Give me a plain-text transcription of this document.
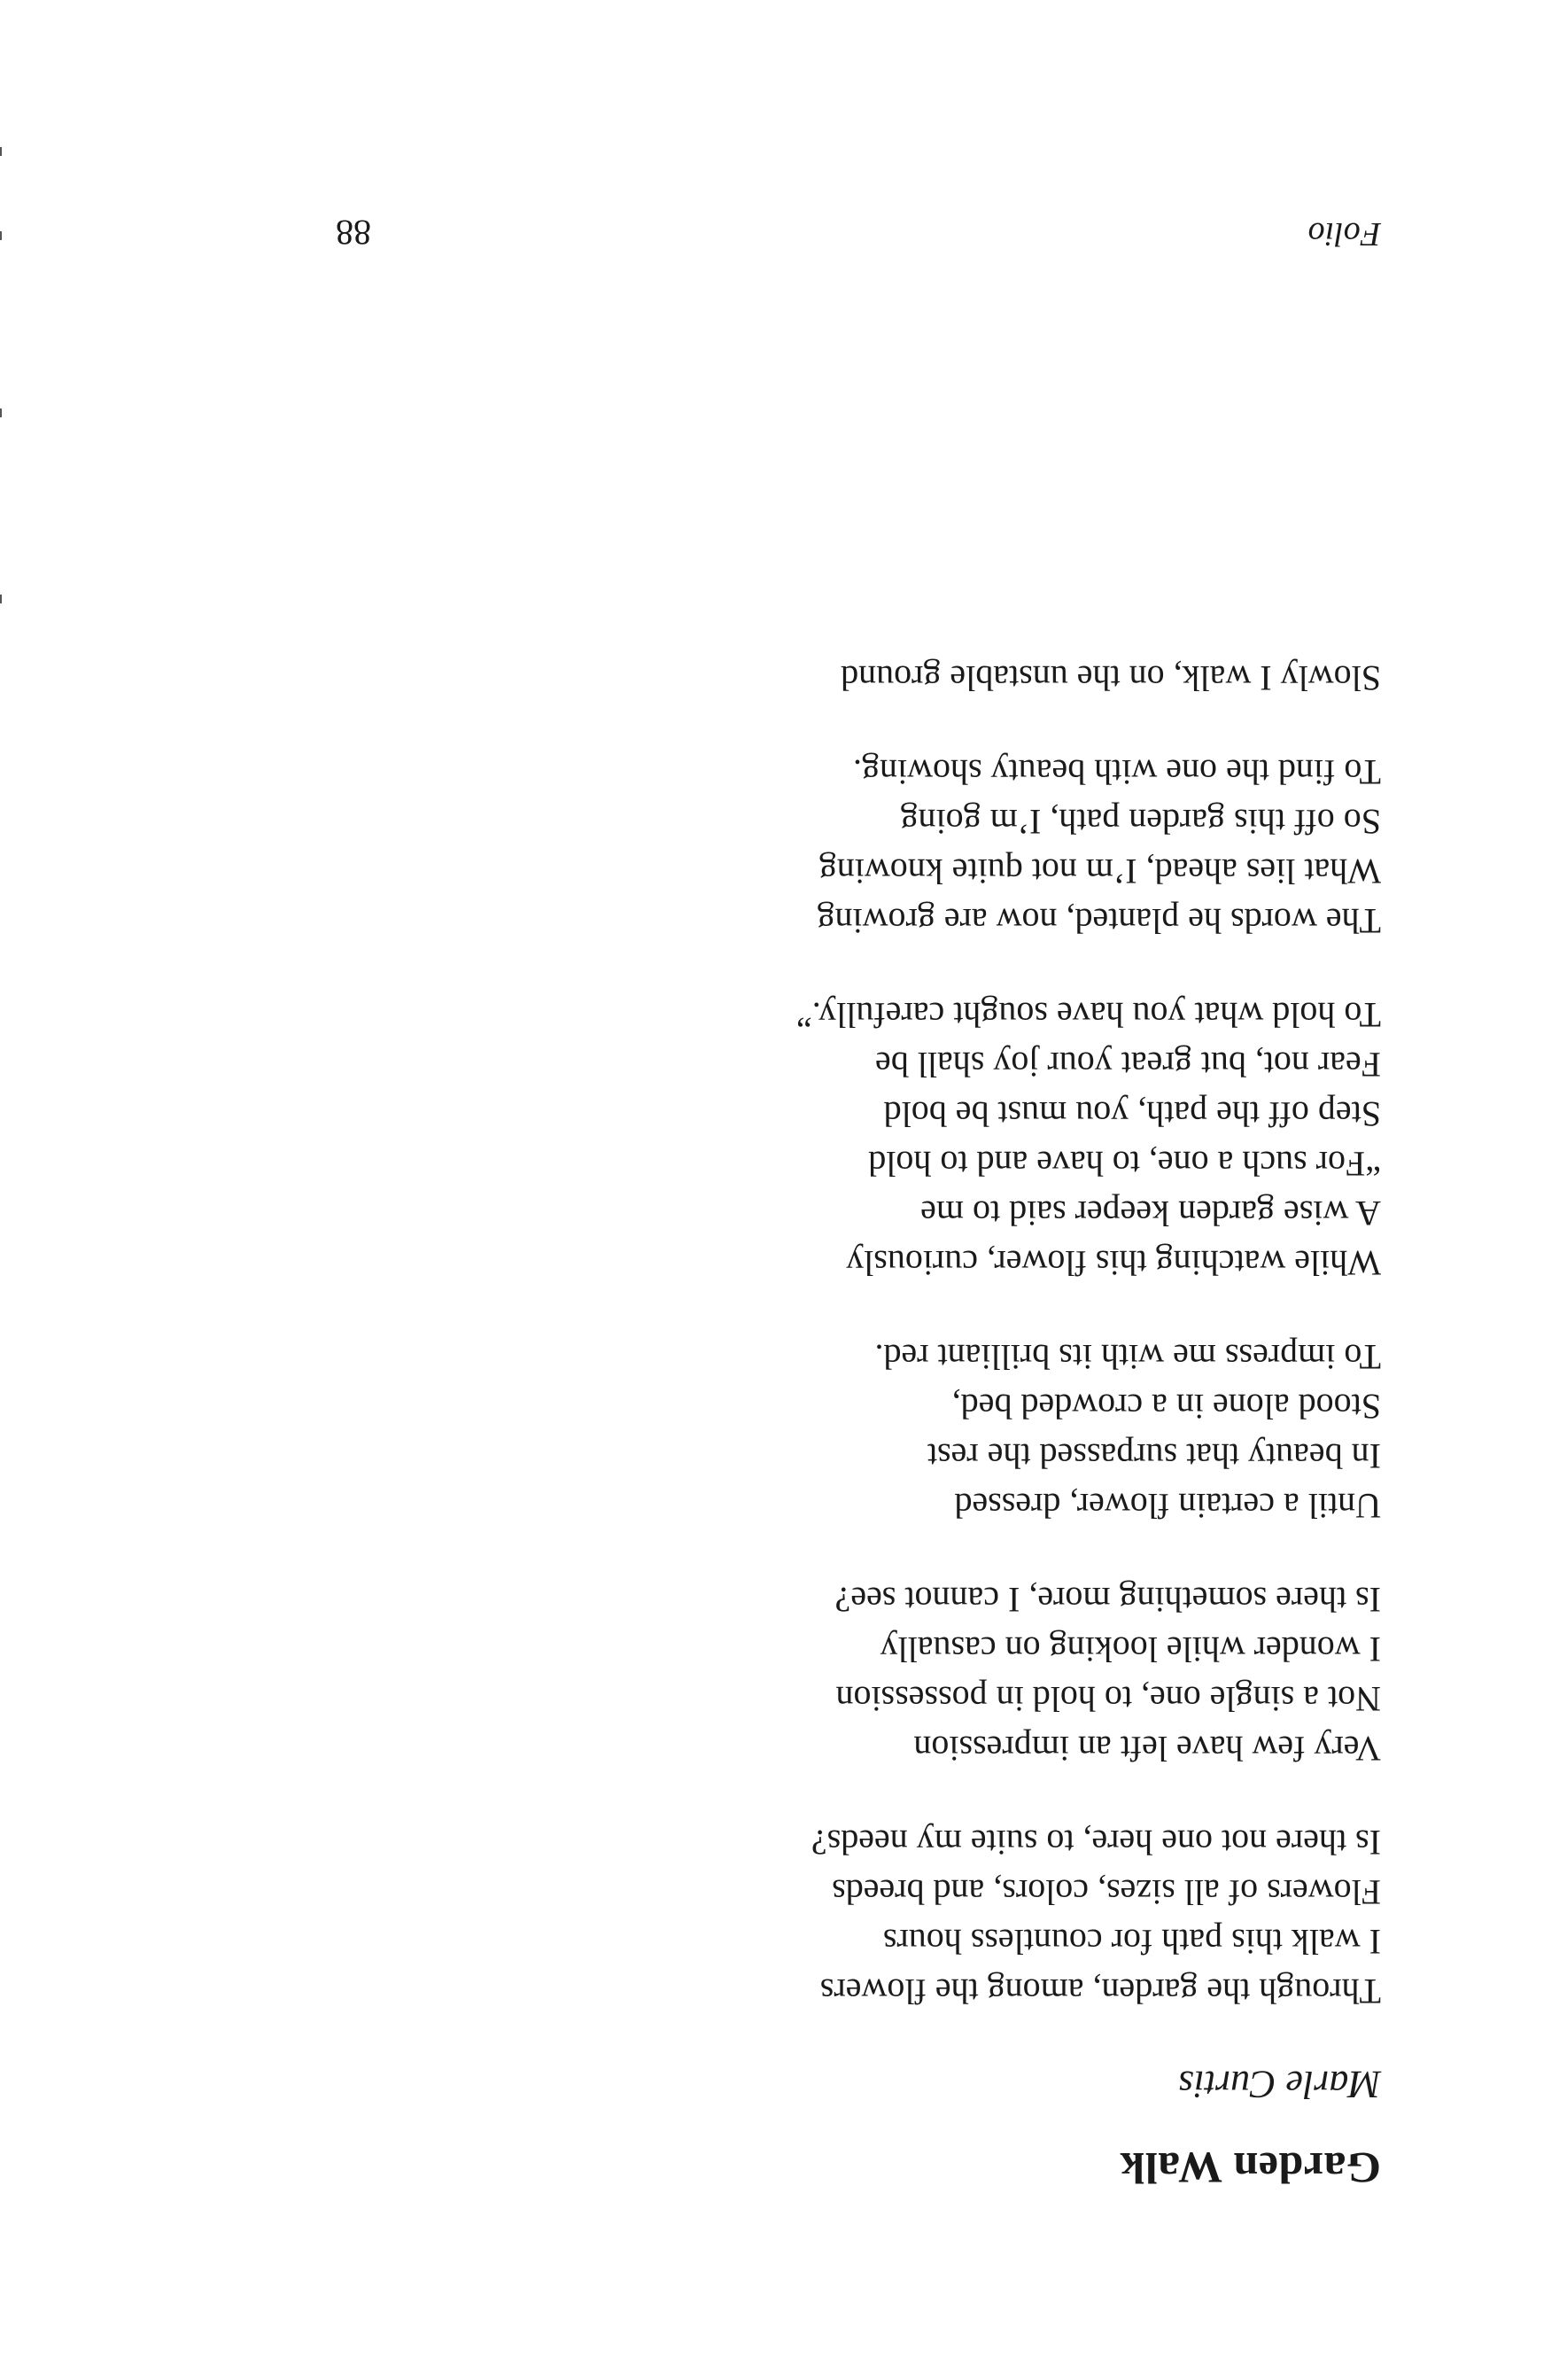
Garden Walk
Marle Curtis
Through the garden, among the flowers
I walk this path for countless hours
Flowers of all sizes, colors, and breeds
Is there not one here, to suite my needs?
Very few have left an impression
Not a single one, to hold in possession
I wonder while looking on casually
Is there something more, I cannot see?
Until a certain flower, dressed
In beauty that surpassed the rest
Stood alone in a crowded bed,
To impress me with its brilliant red.
While watching this flower, curiously
A wise garden keeper said to me
“For such a one, to have and to hold
Step off the path, you must be bold
Fear not, but great your joy shall be
To hold what you have sought carefully.”
The words he planted, now are growing
What lies ahead, I’m not quite knowing
So off this garden path, I’m going
To find the one with beauty showing.
Slowly I walk, on the unstable ground
Folio
88
